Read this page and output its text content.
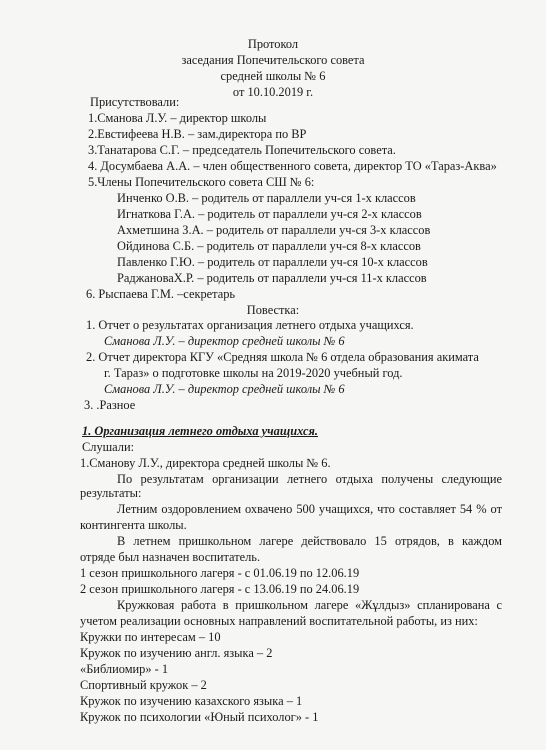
Протокол
заседания Попечительского совета
средней школы № 6
от 10.10.2019 г.
Присутствовали:
1.Сманова Л.У. – директор школы
2.Евстифеева Н.В. – зам.директора по ВР
3.Танатарова С.Г. – председатель Попечительского совета.
4. Досумбаева А.А. – член общественного совета, директор ТО «Тараз-Аква»
5.Члены Попечительского совета СШ № 6:
Инченко О.В. – родитель от параллели уч-ся 1-х классов
Игнаткова Г.А. – родитель от параллели уч-ся 2-х классов
Ахметшина З.А. – родитель от параллели уч-ся 3-х классов
Ойдинова С.Б. – родитель от параллели уч-ся 8-х классов
Павленко Г.Ю. – родитель от параллели уч-ся 10-х классов
РаджановаХ.Р. – родитель от параллели уч-ся 11-х классов
6. Рыспаева Г.М. –секретарь
Повестка:
1. Отчет о результатах организация летнего отдыха учащихся.
Сманова Л.У. – директор средней школы № 6
2. Отчет директора КГУ «Средняя школа № 6 отдела образования акимата
г. Тараз» о подготовке школы на 2019-2020 учебный год.
Сманова Л.У. – директор средней школы № 6
3. .Разное
1. Организация летнего отдыха учащихся.
Слушали:
1.Сманову Л.У., директора средней школы № 6.
По результатам организации летнего отдыха получены следующие
результаты:
Летним оздоровлением охвачено 500 учащихся, что составляет 54 % от
контингента школы.
В летнем пришкольном лагере действовало 15 отрядов, в каждом
отряде был назначен воспитатель.
1 сезон пришкольного лагеря - с 01.06.19 по 12.06.19
2 сезон пришкольного лагеря - с 13.06.19 по 24.06.19
Кружковая работа в пришкольном лагере «Жұлдыз» спланирована с
учетом реализации основных направлений воспитательной работы, из них:
Кружки по интересам – 10
Кружок по изучению англ. языка – 2
«Библиомир» - 1
Спортивный кружок – 2
Кружок по изучению казахского языка – 1
Кружок по психологии «Юный психолог» - 1
